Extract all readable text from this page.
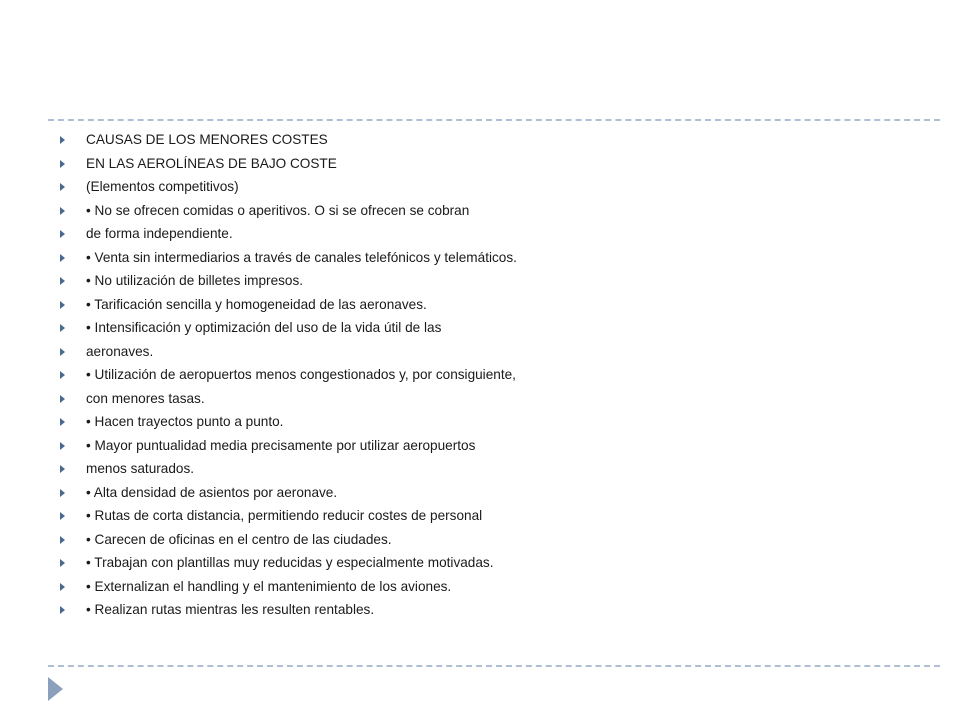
CAUSAS DE LOS MENORES COSTES
EN LAS AEROLÍNEAS DE BAJO COSTE
(Elementos competitivos)
• No se ofrecen comidas o aperitivos. O si se ofrecen se cobran
de forma independiente.
• Venta sin intermediarios a través de canales telefónicos y telemáticos.
• No utilización de billetes impresos.
• Tarificación sencilla y homogeneidad de las aeronaves.
• Intensificación y optimización del uso de la vida útil de las
aeronaves.
• Utilización de aeropuertos menos congestionados y, por consiguiente,
con menores tasas.
• Hacen trayectos punto a punto.
• Mayor puntualidad media precisamente por utilizar aeropuertos
menos saturados.
• Alta densidad de asientos por aeronave.
• Rutas de corta distancia, permitiendo reducir costes de personal
• Carecen de oficinas en el centro de las ciudades.
• Trabajan con plantillas muy reducidas y especialmente motivadas.
• Externalizan el handling y el mantenimiento de los aviones.
• Realizan rutas mientras les resulten rentables.
